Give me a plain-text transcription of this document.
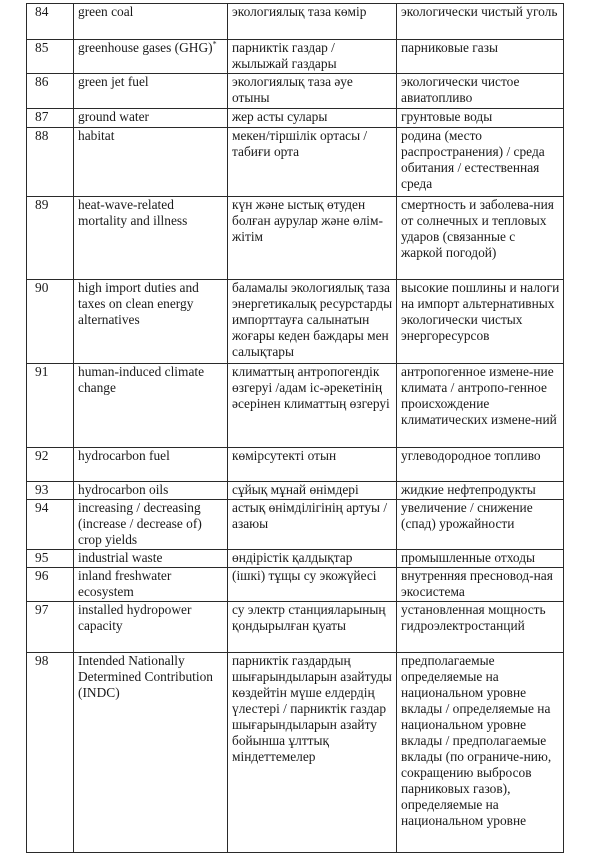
84	green coal	экологиялық таза көмір	экологически чистый уголь
85	greenhouse gases (GHG)*	парниктік газдар / жылыжай газдары	парниковые газы
86	green jet fuel	экологиялық таза әуе отыны	экологически чистое авиатопливо
87	ground water	жер асты сулары	грунтовые воды
88	habitat	мекен/тіршілік ортасы / табиғи орта	родина (место распространения) / среда обитания / естественная среда
89	heat-wave-related mortality and illness	күн және ыстық өтуден болған аурулар және өлім-жітім	смертность и заболева-ния от солнечных и тепловых ударов (связанные с жаркой погодой)
90	high import duties and taxes on clean energy alternatives	баламалы экологиялық таза энергетикалық ресурстарды импорттауға салынатын жоғары кеден баждары мен салықтары	высокие пошлины и налоги на импорт альтернативных экологически чистых энергоресурсов
91	human-induced climate change	климаттың антропогендік өзгеруі /адам іс-әрекетінің әсерінен климаттың өзгеруі	антропогенное измене-ние климата / антропо-генное происхождение климатических измене-ний
92	hydrocarbon fuel	көмірсутекті отын	углеводородное топливо
93	hydrocarbon oils	сұйық мұнай өнімдері	жидкие нефтепродукты
94	increasing / decreasing (increase / decrease of) crop yields	астық өнімділігінің артуы / азаюы	увеличение / снижение (спад) урожайности
95	industrial waste	өндірістік қалдықтар	промышленные отходы
96	inland freshwater ecosystem	(ішкі) тұщы су экожүйесі	внутренняя пресновод-ная экосистема
97	installed hydropower capacity	су электр станцияларының қондырылған қуаты	установленная мощность гидроэлектростанций
98	Intended Nationally Determined Contribution (INDC)	парниктік газдардың шығарындыларын азайтуды көздейтін мүше елдердің үлестері / парниктік газдар шығарындыларын азайту бойынша ұлттық міндеттемелер	предполагаемые определяемые на национальном уровне вклады / определяемые на национальном уровне вклады / предполагаемые вклады (по ограниче-нию, сокращению выбросов парниковых газов), определяемые на национальном уровне
